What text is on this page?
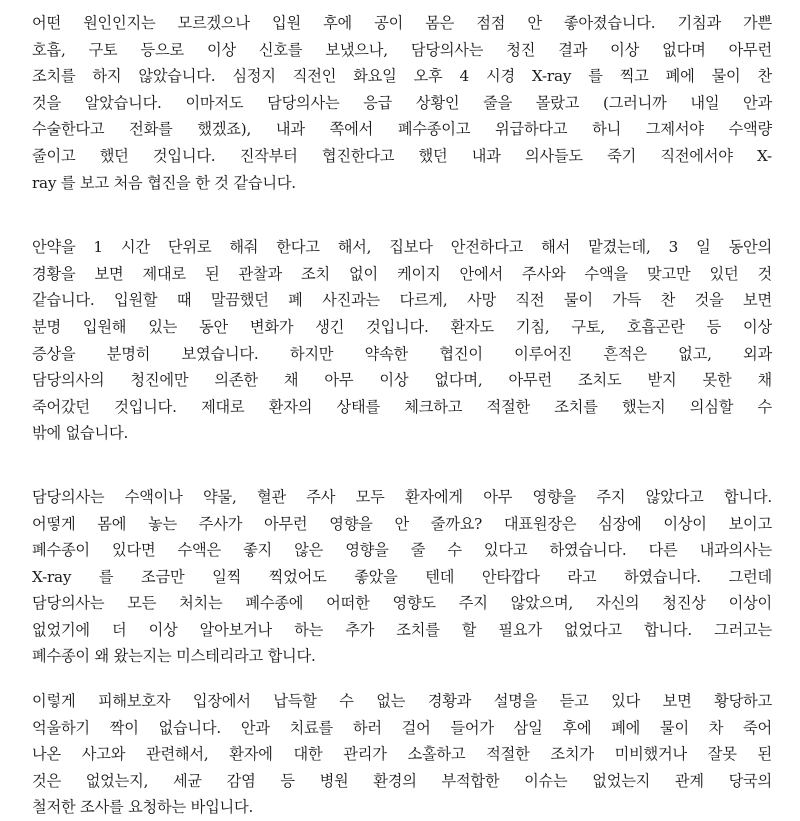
어떤 원인인지는 모르겠으나 입원 후에 공이 몸은 점점 안 좋아졌습니다. 기침과 가쁜
호흡, 구토 등으로 이상 신호를 보냈으나, 담당의사는 청진 결과 이상 없다며 아무런
조치를 하지 않았습니다. 심정지 직전인 화요일 오후 4 시경 X-ray 를 찍고 폐에 물이 찬
것을 알았습니다. 이마저도 담당의사는 응급 상황인 줄을 몰랐고 (그러니까 내일 안과
수술한다고 전화를 했겠죠), 내과 쪽에서 폐수종이고 위급하다고 하니 그제서야 수액량
줄이고 했던 것입니다. 진작부터 협진한다고 했던 내과 의사들도 죽기 직전에서야 X-
ray 를 보고 처음 협진을 한 것 같습니다.
안약을 1 시간 단위로 해줘 한다고 해서, 집보다 안전하다고 해서 맡겼는데, 3 일 동안의
경황을 보면 제대로 된 관찰과 조치 없이 케이지 안에서 주사와 수액을 맞고만 있던 것
같습니다. 입원할 때 말끔했던 폐 사진과는 다르게, 사망 직전 물이 가득 찬 것을 보면
분명 입원해 있는 동안 변화가 생긴 것입니다. 환자도 기침, 구토, 호흡곤란 등 이상
증상을 분명히 보였습니다. 하지만 약속한 협진이 이루어진 흔적은 없고, 외과
담당의사의 청진에만 의존한 채 아무 이상 없다며, 아무런 조치도 받지 못한 채
죽어갔던 것입니다. 제대로 환자의 상태를 체크하고 적절한 조치를 했는지 의심할 수
밖에 없습니다.
담당의사는 수액이나 약물, 혈관 주사 모두 환자에게 아무 영향을 주지 않았다고 합니다.
어떻게 몸에 놓는 주사가 아무런 영향을 안 줄까요? 대표원장은 심장에 이상이 보이고
폐수종이 있다면 수액은 좋지 않은 영향을 줄 수 있다고 하였습니다. 다른 내과의사는
X-ray 를 조금만 일찍 찍었어도 좋았을 텐데 안타깝다 라고 하였습니다. 그런데
담당의사는 모든 처치는 폐수종에 어떠한 영향도 주지 않았으며, 자신의 청진상 이상이
없었기에 더 이상 알아보거나 하는 추가 조치를 할 필요가 없었다고 합니다. 그러고는
폐수종이 왜 왔는지는 미스테리라고 합니다.
이렇게 피해보호자 입장에서 납득할 수 없는 경황과 설명을 듣고 있다 보면 황당하고
억울하기 짝이 없습니다. 안과 치료를 하러 걸어 들어가 삼일 후에 폐에 물이 차 죽어
나온 사고와 관련해서, 환자에 대한 관리가 소홀하고 적절한 조치가 미비했거나 잘못 된
것은 없었는지, 세균 감염 등 병원 환경의 부적합한 이슈는 없었는지 관계 당국의
철저한 조사를 요청하는 바입니다.
